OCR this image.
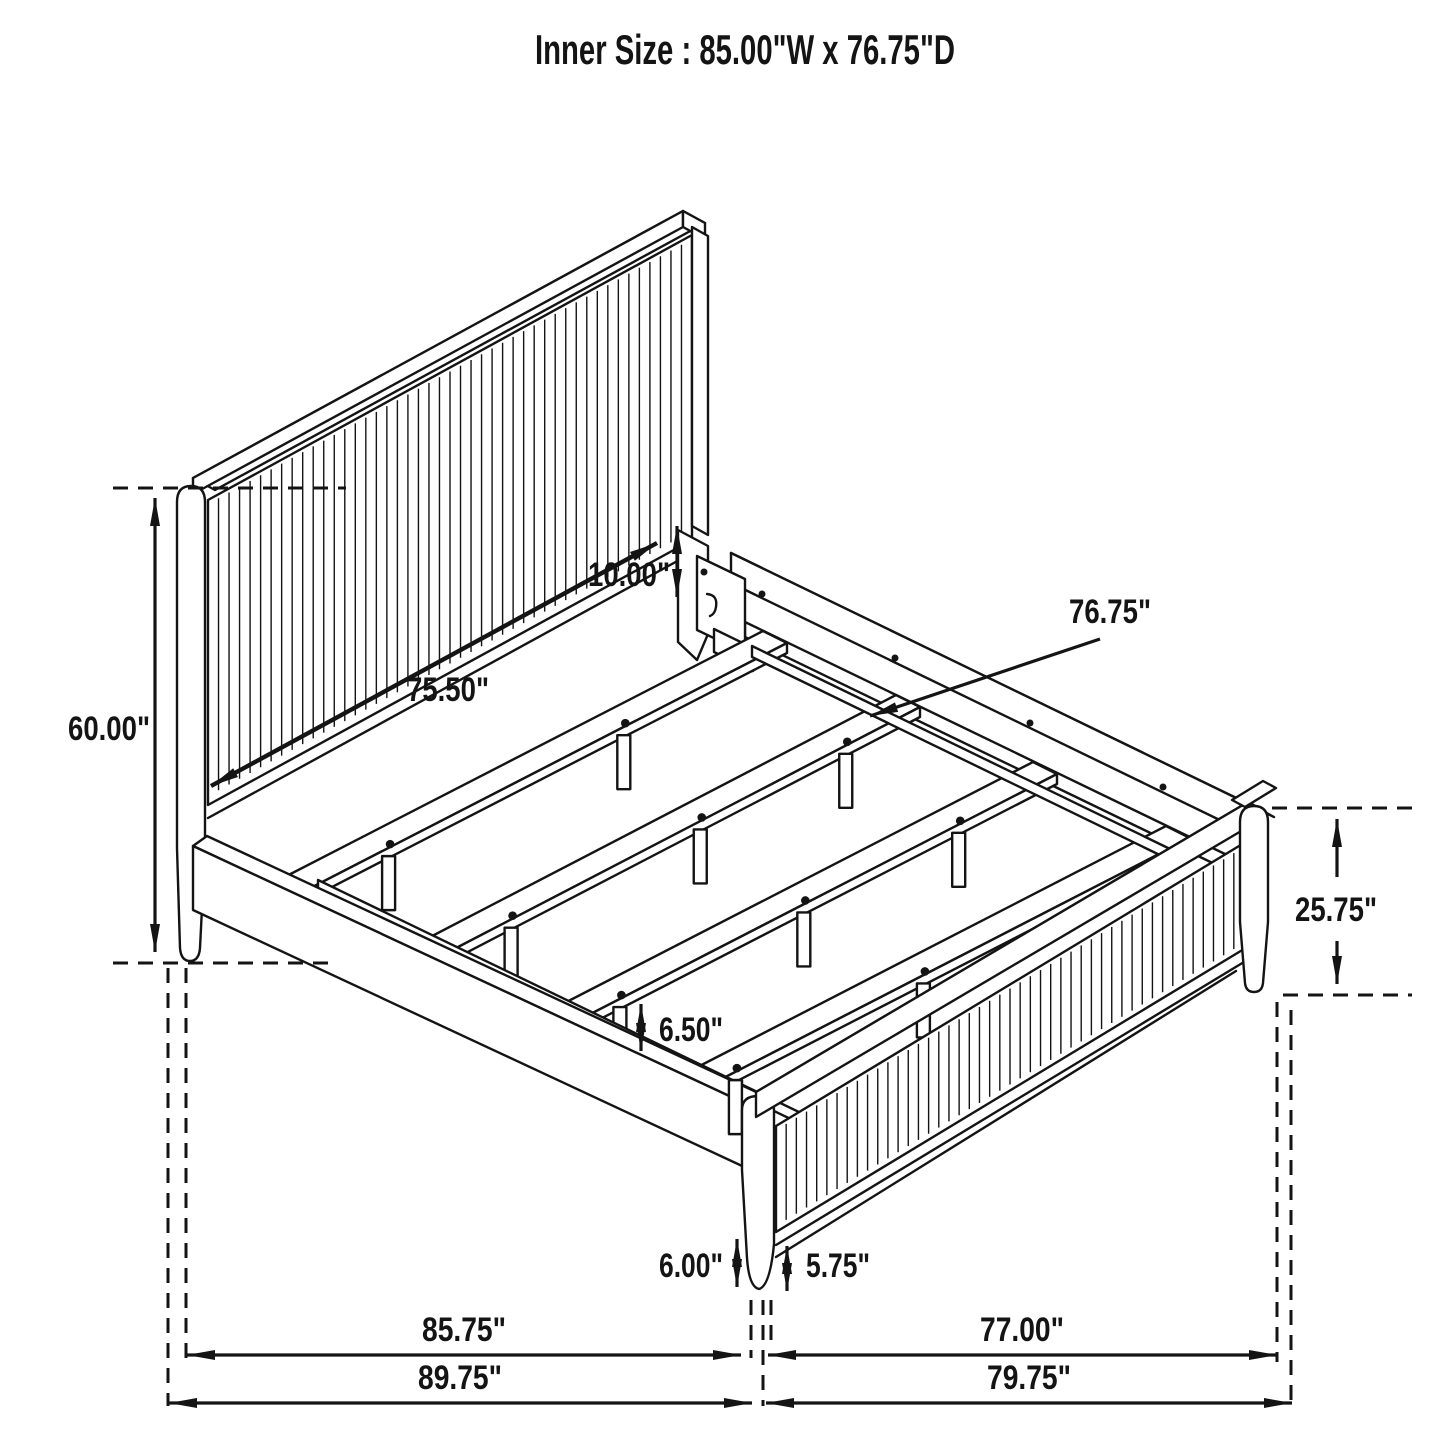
Inner Size : 85.00"W x 76.75"D
60.00"
10.00"
75.50"
76.75"
25.75"
6.50"
6.00" 5.75"
85.75"	77.00"
89.75"	79.75"
